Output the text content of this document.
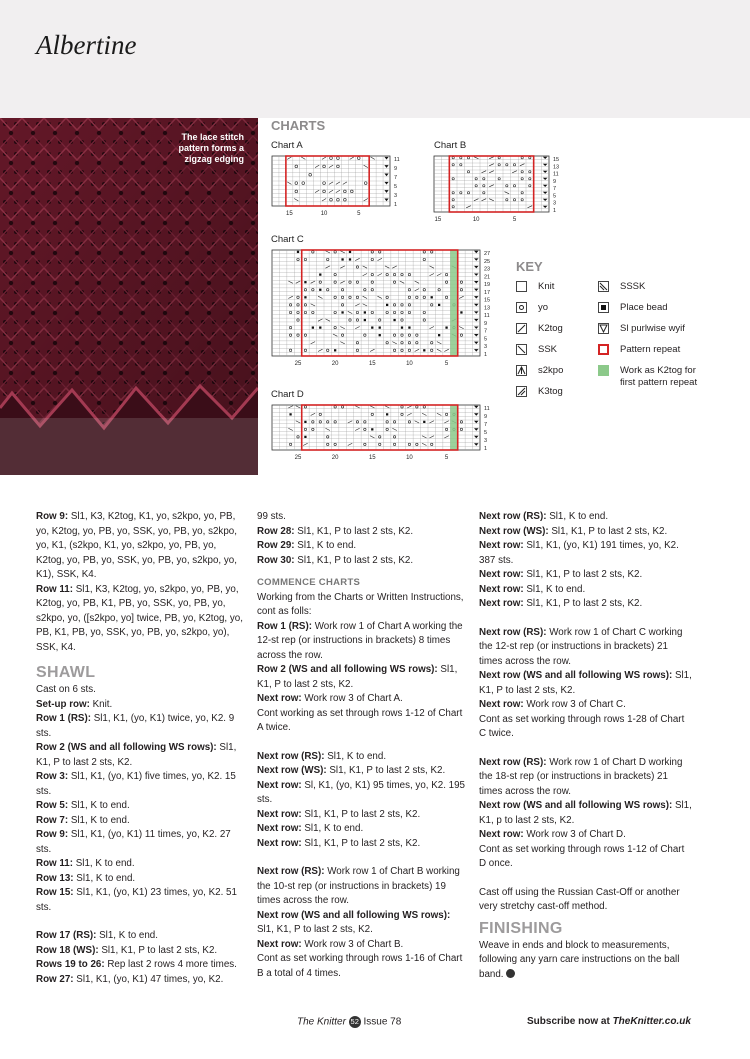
Albertine
The lace stitch pattern forms a zigzag edging
CHARTS
Chart A	Chart B
Chart C
Chart D
11
9
7
5
3
1
15	10	5
15
13
11
9
7
5
3
1
15	10	5
27
25
23
21
19
17
15
13
11
9
7
5
3
1
25	20	15	10	5
11
9
7
5
3
1
25	20	15	10	5
KEY

Row 9: Sl1, K3, K2tog, K1, yo, s2kpo, yo, PB, yo, K2tog, yo, PB, yo, SSK, yo, PB, yo, s2kpo, yo, K1, (s2kpo, K1, yo, s2kpo, yo, PB, yo, K2tog, yo, PB, yo, SSK, yo, PB, yo, s2kpo, yo, K1), SSK, K4.

Row 11: Sl1, K3, K2tog, yo, s2kpo, yo, PB, yo, K2tog, yo, PB, K1, PB, yo, SSK, yo, PB, yo, s2kpo, yo, ([s2kpo, yo] twice, PB, yo, K2tog, yo, PB, K1, PB, yo, SSK, yo, PB, yo, s2kpo, yo), SSK, K4.

SHAWL

Cast on 6 sts.

Set-up row: Knit.

Row 1 (RS): Sl1, K1, (yo, K1) twice, yo, K2. 9 sts.

Row 2 (WS and all following WS rows): Sl1, K1, P to last 2 sts, K2.

Row 3: Sl1, K1, (yo, K1) five times, yo, K2. 15 sts.

Row 5: Sl1, K to end.

Row 7: Sl1, K to end.

Row 9: Sl1, K1, (yo, K1) 11 times, yo, K2. 27 sts.

Row 11: Sl1, K to end.

Row 13: Sl1, K to end.

Row 15: Sl1, K1, (yo, K1) 23 times, yo, K2. 51 sts.

Row 17 (RS): Sl1, K to end.

Row 18 (WS): Sl1, K1, P to last 2 sts, K2.

Rows 19 to 26: Rep last 2 rows 4 more times.

Row 27: Sl1, K1, (yo, K1) 47 times, yo, K2.

99 sts.

Row 28: Sl1, K1, P to last 2 sts, K2.

Row 29: Sl1, K to end.

Row 30: Sl1, K1, P to last 2 sts, K2.

COMMENCE CHARTS

Working from the Charts or Written Instructions, cont as folls:

Row 1 (RS): Work row 1 of Chart A working the 12-st rep (or instructions in brackets) 8 times across the row.

Row 2 (WS and all following WS rows): Sl1, K1, P to last 2 sts, K2.

Next row: Work row 3 of Chart A.

Cont working as set through rows 1-12 of Chart A twice.

Next row (RS): Sl1, K to end.

Next row (WS): Sl1, K1, P to last 2 sts, K2.

Next row: Sl, K1, (yo, K1) 95 times, yo, K2. 195 sts.

Next row: Sl1, K1, P to last 2 sts, K2.

Next row: Sl1, K to end.

Next row: Sl1, K1, P to last 2 sts, K2.

Next row (RS): Work row 1 of Chart B working the 10-st rep (or instructions in brackets) 19 times across the row.

Next row (WS and all following WS rows): Sl1, K1, P to last 2 sts, K2.

Next row: Work row 3 of Chart B.

Cont as set working through rows 1-16 of Chart B a total of 4 times.

Next row (RS): Sl1, K to end.

Next row (WS): Sl1, K1, P to last 2 sts, K2.

Next row: Sl1, K1, (yo, K1) 191 times, yo, K2. 387 sts.

Next row: Sl1, K1, P to last 2 sts, K2.

Next row: Sl1, K to end.

Next row: Sl1, K1, P to last 2 sts, K2.

Next row (RS): Work row 1 of Chart C working the 12-st rep (or instructions in brackets) 21 times across the row.

Next row (WS and all following WS rows): Sl1, K1, P to last 2 sts, K2.

Next row: Work row 3 of Chart C.

Cont as set working through rows 1-28 of Chart C twice.

Next row (RS): Work row 1 of Chart D working the 18-st rep (or instructions in brackets) 21 times across the row.

Next row (WS and all following WS rows): Sl1, K1, p to last 2 sts, K2.

Next row: Work row 3 of Chart D.

Cont as set working through rows 1-12 of Chart D once.

Cast off using the Russian Cast-Off or another very stretchy cast-off method.

FINISHING

Weave in ends and block to measurements, following any yarn care instructions on the ball band.

The Knitter 52 Issue 78	Subscribe now at TheKnitter.co.uk
Knit
yo
K2tog
SSK
s2kpo
K3tog
SSSK
Place bead
Sl purlwise wyif
Pattern repeat
Work as K2tog for first pattern repeat
